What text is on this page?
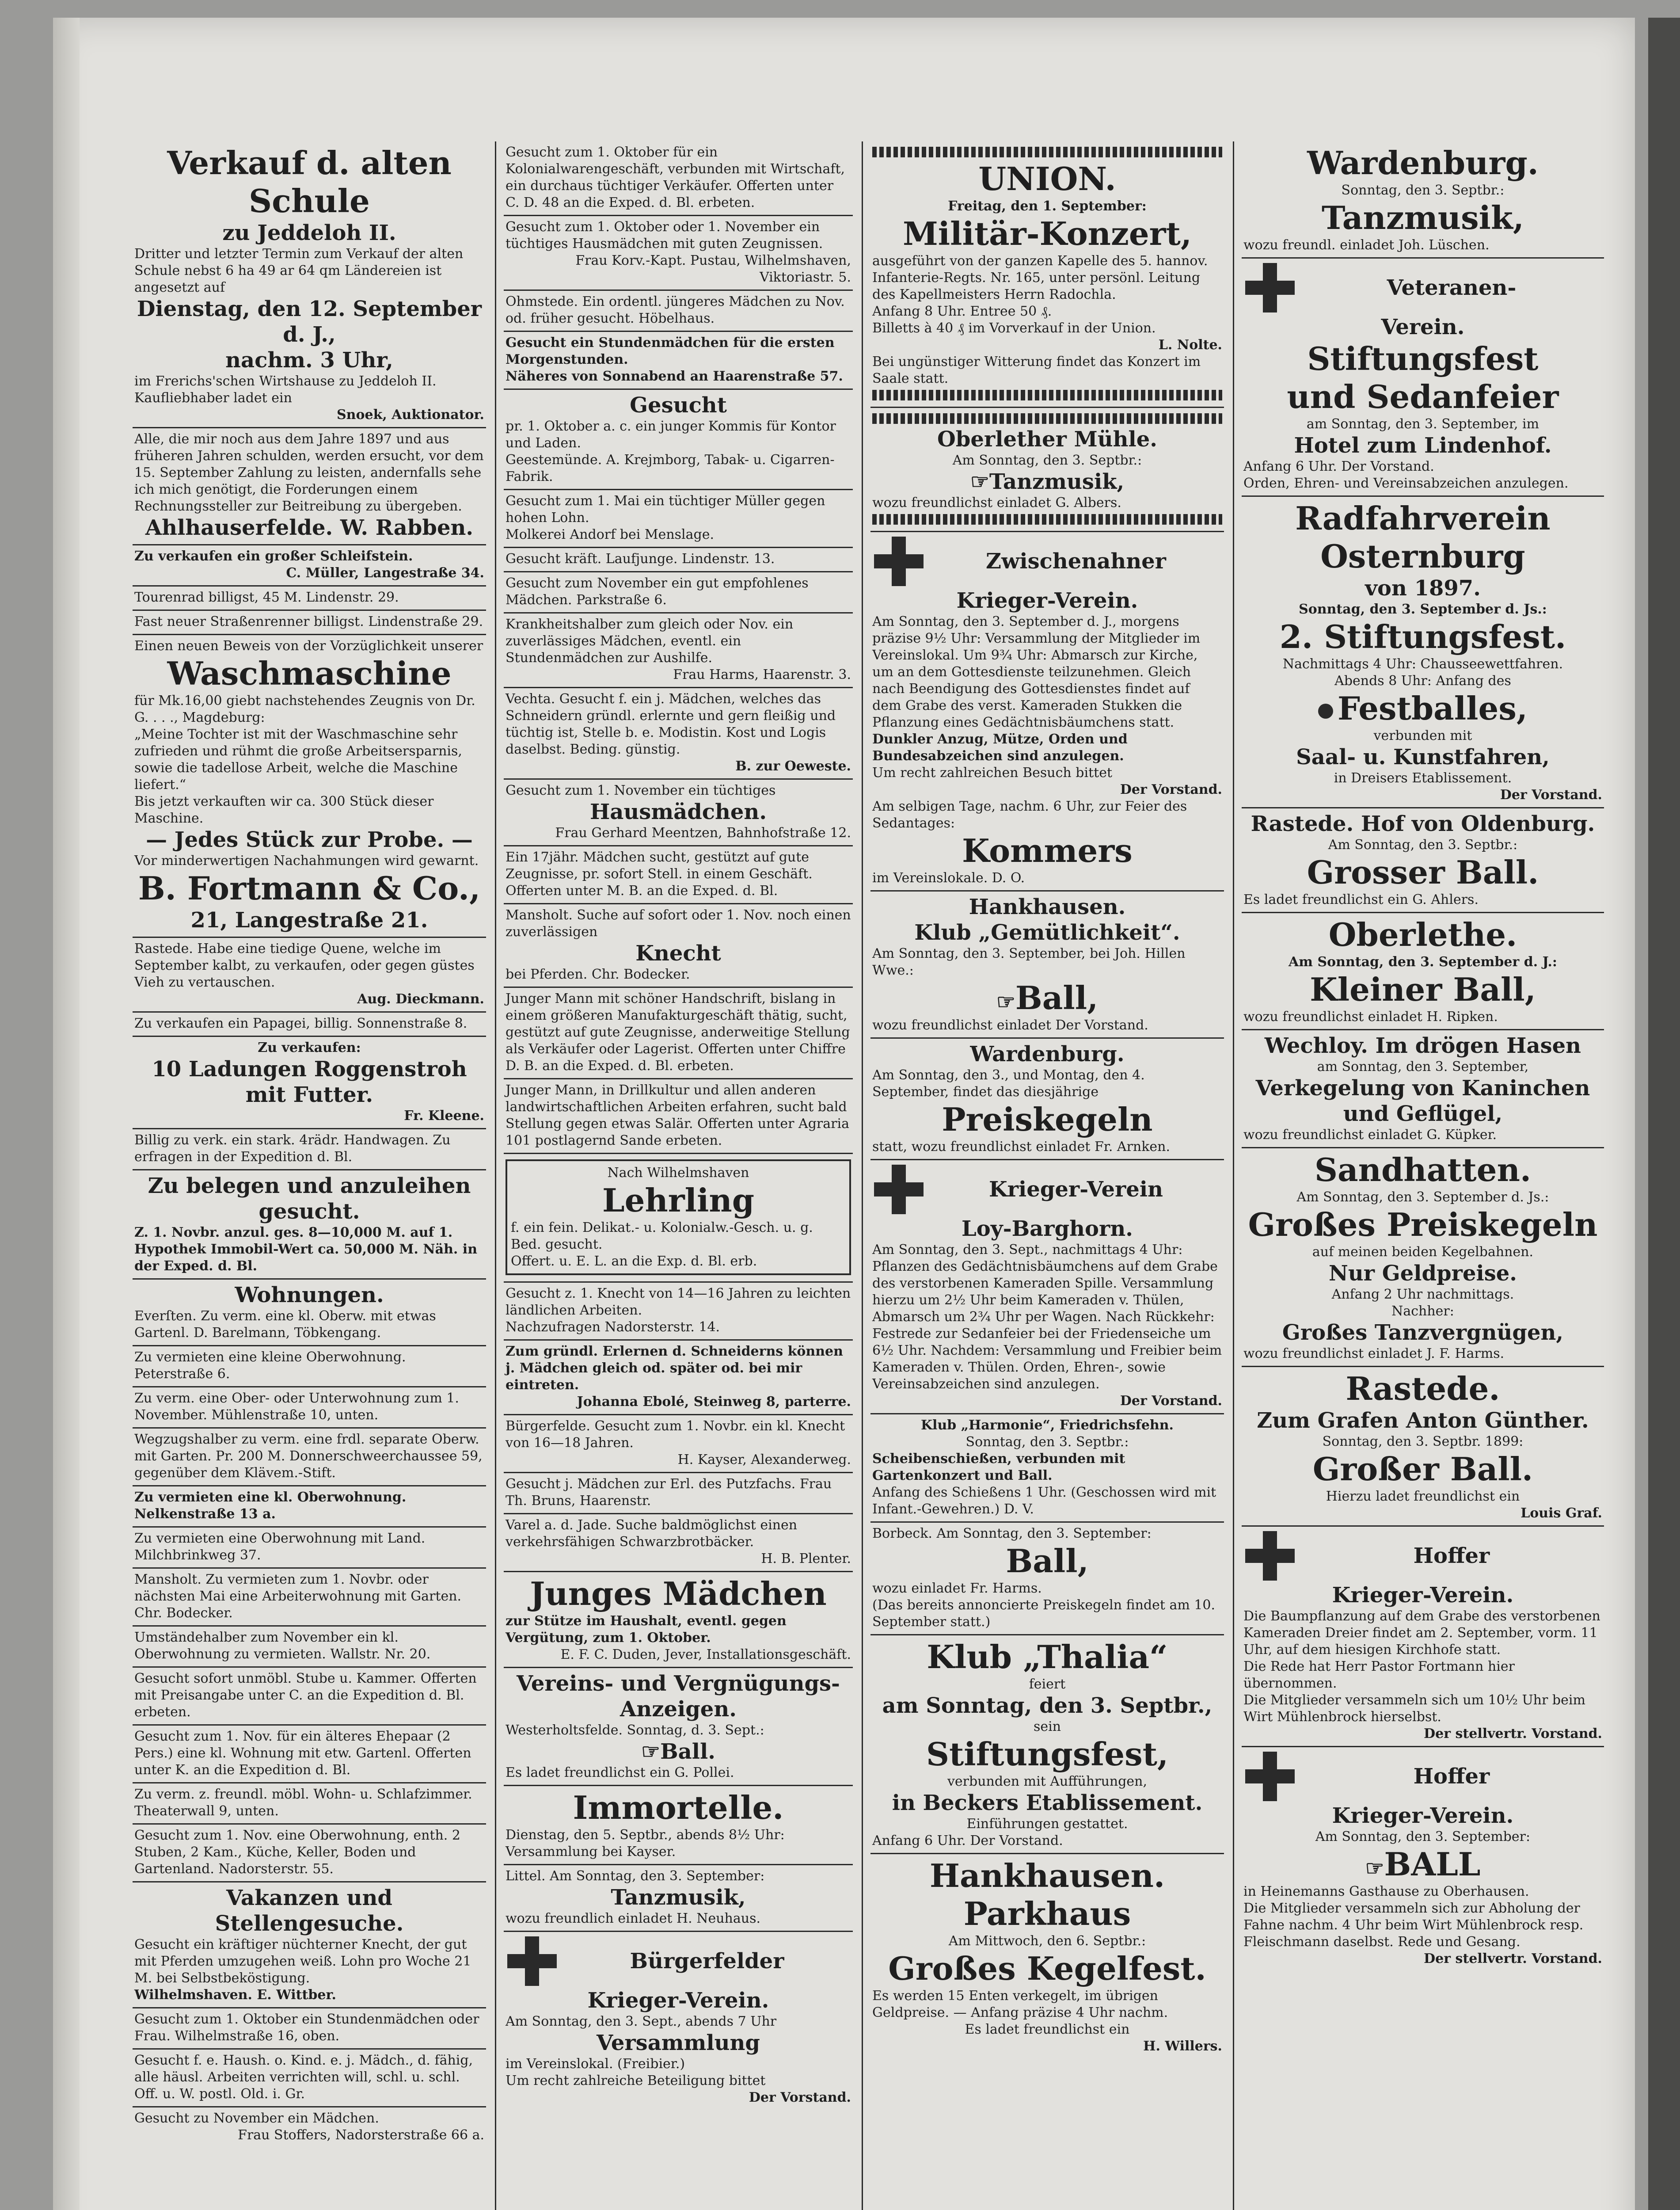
Verkauf d. alten Schule
zu Jeddeloh II.
Dritter und letzter Termin zum Verkauf der alten Schule nebst 6 ha 49 ar 64 qm Ländereien ist angesetzt auf
Dienstag, den 12. September d. J.,
nachm. 3 Uhr,
im Frerichs'schen Wirtshause zu Jeddeloh II. Kaufliebhaber ladet ein
Snoek, Auktionator.
Alle, die mir noch aus dem Jahre 1897 und aus früheren Jahren schulden, werden ersucht, vor dem 15. September Zahlung zu leisten, andernfalls sehe ich mich genötigt, die Forderungen einem Rechnungssteller zur Beitreibung zu übergeben.
Ahlhauserfelde. W. Rabben.
Zu verkaufen ein großer Schleifstein.
C. Müller, Langestraße 34.
Tourenrad billigst, 45 M. Lindenstr. 29.
Fast neuer Straßenrenner billigst. Lindenstraße 29.
Einen neuen Beweis von der Vorzüglichkeit unserer
Waschmaschine
für Mk.16,00 giebt nachstehendes Zeugnis von Dr. G. . . ., Magdeburg:
„Meine Tochter ist mit der Waschmaschine sehr zufrieden und rühmt die große Arbeitsersparnis, sowie die tadellose Arbeit, welche die Maschine liefert.“
Bis jetzt verkauften wir ca. 300 Stück dieser Maschine.
— Jedes Stück zur Probe. —
Vor minderwertigen Nachahmungen wird gewarnt.
B. Fortmann & Co.,
21, Langestraße 21.
Rastede. Habe eine tiedige Quene, welche im September kalbt, zu verkaufen, oder gegen güstes Vieh zu vertauschen.
Aug. Dieckmann.
Zu verkaufen ein Papagei, billig. Sonnenstraße 8.
Zu verkaufen:
10 Ladungen Roggenstroh
mit Futter.
Fr. Kleene.
Billig zu verk. ein stark. 4rädr. Handwagen. Zu erfragen in der Expedition d. Bl.
Zu belegen und anzuleihen gesucht.
Z. 1. Novbr. anzul. ges. 8—10,000 M. auf 1. Hypothek Immobil-Wert ca. 50,000 M. Näh. in der Exped. d. Bl.
Wohnungen.
Everſten. Zu verm. eine kl. Oberw. mit etwas Gartenl. D. Barelmann, Töbkengang.
Zu vermieten eine kleine Oberwohnung. Peterstraße 6.
Zu verm. eine Ober- oder Unterwohnung zum 1. November. Mühlenstraße 10, unten.
Wegzugshalber zu verm. eine frdl. separate Oberw. mit Garten. Pr. 200 M. Donnerschweerchaussee 59, gegenüber dem Klävem.-Stift.
Zu vermieten eine kl. Oberwohnung. Nelkenstraße 13 a.
Zu vermieten eine Oberwohnung mit Land. Milchbrinkweg 37.
Mansholt. Zu vermieten zum 1. Novbr. oder nächsten Mai eine Arbeiterwohnung mit Garten. Chr. Bodecker.
Umständehalber zum November ein kl. Oberwohnung zu vermieten. Wallstr. Nr. 20.
Gesucht sofort unmöbl. Stube u. Kammer. Offerten mit Preisangabe unter C. an die Expedition d. Bl. erbeten.
Gesucht zum 1. Nov. für ein älteres Ehepaar (2 Pers.) eine kl. Wohnung mit etw. Gartenl. Offerten unter K. an die Expedition d. Bl.
Zu verm. z. freundl. möbl. Wohn- u. Schlafzimmer. Theaterwall 9, unten.
Gesucht zum 1. Nov. eine Oberwohnung, enth. 2 Stuben, 2 Kam., Küche, Keller, Boden und Gartenland. Nadorsterstr. 55.
Vakanzen und Stellengesuche.
Gesucht ein kräftiger nüchterner Knecht, der gut mit Pferden umzugehen weiß. Lohn pro Woche 21 M. bei Selbstbeköstigung.
Wilhelmshaven. E. Wittber.
Gesucht zum 1. Oktober ein Stundenmädchen oder Frau. Wilhelmstraße 16, oben.
Gesucht f. e. Haush. o. Kind. e. j. Mädch., d. fähig, alle häusl. Arbeiten verrichten will, schl. u. schl. Off. u. W. postl. Old. i. Gr.
Gesucht zu November ein Mädchen.
Frau Stoffers, Nadorsterstraße 66 a.
Gesucht zum 1. Oktober für ein Kolonialwarengeschäft, verbunden mit Wirtschaft, ein durchaus tüchtiger Verkäufer. Offerten unter C. D. 48 an die Exped. d. Bl. erbeten.
Gesucht zum 1. Oktober oder 1. November ein tüchtiges Hausmädchen mit guten Zeugnissen.
Frau Korv.-Kapt. Pustau, Wilhelmshaven, Viktoriastr. 5.
Ohmstede. Ein ordentl. jüngeres Mädchen zu Nov. od. früher gesucht. Höbelhaus.
Gesucht ein Stundenmädchen für die ersten Morgenstunden.
Näheres von Sonnabend an Haarenstraße 57.
Gesucht
pr. 1. Oktober a. c. ein junger Kommis für Kontor und Laden.
Geestemünde. A. Krejmborg, Tabak- u. Cigarren-Fabrik.
Gesucht zum 1. Mai ein tüchtiger Müller gegen hohen Lohn.
Molkerei Andorf bei Menslage.
Gesucht kräft. Laufjunge. Lindenstr. 13.
Gesucht zum November ein gut empfohlenes Mädchen. Parkstraße 6.
Krankheitshalber zum gleich oder Nov. ein zuverlässiges Mädchen, eventl. ein Stundenmädchen zur Aushilfe.
Frau Harms, Haarenstr. 3.
Vechta. Gesucht f. ein j. Mädchen, welches das Schneidern gründl. erlernte und gern fleißig und tüchtig ist, Stelle b. e. Modistin. Kost und Logis daselbst. Beding. günstig.
B. zur Oeweste.
Gesucht zum 1. November ein tüchtiges
Hausmädchen.
Frau Gerhard Meentzen, Bahnhofstraße 12.
Ein 17jähr. Mädchen sucht, gestützt auf gute Zeugnisse, pr. sofort Stell. in einem Geschäft. Offerten unter M. B. an die Exped. d. Bl.
Mansholt. Suche auf sofort oder 1. Nov. noch einen zuverlässigen
Knecht
bei Pferden. Chr. Bodecker.
Junger Mann mit schöner Handschrift, bislang in einem größeren Manufakturgeschäft thätig, sucht, gestützt auf gute Zeugnisse, anderweitige Stellung als Verkäufer oder Lagerist. Offerten unter Chiffre D. B. an die Exped. d. Bl. erbeten.
Junger Mann, in Drillkultur und allen anderen landwirtschaftlichen Arbeiten erfahren, sucht bald Stellung gegen etwas Salär. Offerten unter Agraria 101 postlagernd Sande erbeten.
Nach Wilhelmshaven
Lehrling
f. ein fein. Delikat.- u. Kolonialw.-Gesch. u. g. Bed. gesucht.
Offert. u. E. L. an die Exp. d. Bl. erb.
Gesucht z. 1. Knecht von 14—16 Jahren zu leichten ländlichen Arbeiten.
Nachzufragen Nadorsterstr. 14.
Zum gründl. Erlernen d. Schneiderns können j. Mädchen gleich od. später od. bei mir eintreten.
Johanna Ebolé, Steinweg 8, parterre.
Bürgerfelde. Gesucht zum 1. Novbr. ein kl. Knecht von 16—18 Jahren.
H. Kayser, Alexanderweg.
Gesucht j. Mädchen zur Erl. des Putzfachs. Frau Th. Bruns, Haarenstr.
Varel a. d. Jade. Suche baldmöglichst einen verkehrsfähigen Schwarzbrotbäcker.
H. B. Plenter.
Junges Mädchen
zur Stütze im Haushalt, eventl. gegen Vergütung, zum 1. Oktober.
E. F. C. Duden, Jever, Installationsgeschäft.
Vereins- und Vergnügungs-Anzeigen.
Westerholtsfelde. Sonntag, d. 3. Sept.:
☞Ball.
Es ladet freundlichst ein G. Pollei.
Immortelle.
Dienstag, den 5. Septbr., abends 8½ Uhr: Versammlung bei Kayser.
Littel. Am Sonntag, den 3. September:
Tanzmusik,
wozu freundlich einladet H. Neuhaus.
Bürgerfelder
Krieger-Verein.
Am Sonntag, den 3. Sept., abends 7 Uhr
Versammlung
im Vereinslokal. (Freibier.)
Um recht zahlreiche Beteiligung bittet
Der Vorstand.
UNION.
Freitag, den 1. September:
Militär-Konzert,
ausgeführt von der ganzen Kapelle des 5. hannov. Infanterie-Regts. Nr. 165, unter persönl. Leitung des Kapellmeisters Herrn Radochla.
Anfang 8 Uhr. Entree 50 ₰.
Billetts à 40 ₰ im Vorverkauf in der Union.
L. Nolte.
Bei ungünstiger Witterung findet das Konzert im Saale statt.
Oberlether Mühle.
Am Sonntag, den 3. Septbr.:
☞Tanzmusik,
wozu freundlichst einladet G. Albers.
Zwischenahner
Krieger-Verein.
Am Sonntag, den 3. September d. J., morgens präzise 9½ Uhr: Versammlung der Mitglieder im Vereinslokal. Um 9¾ Uhr: Abmarsch zur Kirche, um an dem Gottesdienste teilzunehmen. Gleich nach Beendigung des Gottesdienstes findet auf dem Grabe des verst. Kameraden Stukken die Pflanzung eines Gedächtnisbäumchens statt.
Dunkler Anzug, Mütze, Orden und Bundesabzeichen sind anzulegen.
Um recht zahlreichen Besuch bittet
Der Vorstand.
Am selbigen Tage, nachm. 6 Uhr, zur Feier des Sedantages:
Kommers
im Vereinslokale. D. O.
Hankhausen.
Klub „Gemütlichkeit“.
Am Sonntag, den 3. September, bei Joh. Hillen Wwe.:
☞Ball,
wozu freundlichst einladet Der Vorstand.
Wardenburg.
Am Sonntag, den 3., und Montag, den 4. September, findet das diesjährige
Preiskegeln
statt, wozu freundlichst einladet Fr. Arnken.
Krieger-Verein
Loy-Barghorn.
Am Sonntag, den 3. Sept., nachmittags 4 Uhr: Pflanzen des Gedächtnisbäumchens auf dem Grabe des verstorbenen Kameraden Spille. Versammlung hierzu um 2½ Uhr beim Kameraden v. Thülen, Abmarsch um 2¾ Uhr per Wagen. Nach Rückkehr: Festrede zur Sedanfeier bei der Friedenseiche um 6½ Uhr. Nachdem: Versammlung und Freibier beim Kameraden v. Thülen. Orden, Ehren-, sowie Vereinsabzeichen sind anzulegen.
Der Vorstand.
Klub „Harmonie“, Friedrichsfehn.
Sonntag, den 3. Septbr.:
Scheibenschießen, verbunden mit Gartenkonzert und Ball.
Anfang des Schießens 1 Uhr. (Geschossen wird mit Infant.-Gewehren.) D. V.
Borbeck. Am Sonntag, den 3. September:
Ball,
wozu einladet Fr. Harms.
(Das bereits annoncierte Preiskegeln findet am 10. September statt.)
Klub „Thalia“
feiert
am Sonntag, den 3. Septbr.,
sein
Stiftungsfest,
verbunden mit Aufführungen,
in Beckers Etablissement.
Einführungen gestattet.
Anfang 6 Uhr. Der Vorstand.
Hankhausen. Parkhaus
Am Mittwoch, den 6. Septbr.:
Großes Kegelfest.
Es werden 15 Enten verkegelt, im übrigen Geldpreise. — Anfang präzise 4 Uhr nachm.
Es ladet freundlichst ein
H. Willers.
Wardenburg.
Sonntag, den 3. Septbr.:
Tanzmusik,
wozu freundl. einladet Joh. Lüschen.
Veteranen-
Verein.
Stiftungsfest
und Sedanfeier
am Sonntag, den 3. September, im
Hotel zum Lindenhof.
Anfang 6 Uhr. Der Vorstand.
Orden, Ehren- und Vereinsabzeichen anzulegen.
Radfahrverein
Osternburg
von 1897.
Sonntag, den 3. September d. Js.:
2. Stiftungsfest.
Nachmittags 4 Uhr: Chausseewettfahren.
Abends 8 Uhr: Anfang des
Festballes,
verbunden mit
Saal- u. Kunstfahren,
in Dreisers Etablissement.
Der Vorstand.
Rastede. Hof von Oldenburg.
Am Sonntag, den 3. Septbr.:
Grosser Ball.
Es ladet freundlichst ein G. Ahlers.
Oberlethe.
Am Sonntag, den 3. September d. J.:
Kleiner Ball,
wozu freundlichst einladet H. Ripken.
Wechloy. Im drögen Hasen
am Sonntag, den 3. September,
Verkegelung von Kaninchen
und Geflügel,
wozu freundlichst einladet G. Küpker.
Sandhatten.
Am Sonntag, den 3. September d. Js.:
Großes Preiskegeln
auf meinen beiden Kegelbahnen.
Nur Geldpreise.
Anfang 2 Uhr nachmittags.
Nachher:
Großes Tanzvergnügen,
wozu freundlichst einladet J. F. Harms.
Rastede.
Zum Grafen Anton Günther.
Sonntag, den 3. Septbr. 1899:
Großer Ball.
Hierzu ladet freundlichst ein
Louis Graf.
Hoffer
Krieger-Verein.
Die Baumpflanzung auf dem Grabe des verstorbenen Kameraden Dreier findet am 2. September, vorm. 11 Uhr, auf dem hiesigen Kirchhofe statt.
Die Rede hat Herr Pastor Fortmann hier übernommen.
Die Mitglieder versammeln sich um 10½ Uhr beim Wirt Mühlenbrock hierselbst.
Der stellvertr. Vorstand.
Hoffer
Krieger-Verein.
Am Sonntag, den 3. September:
☞BALL
in Heinemanns Gasthause zu Oberhausen.
Die Mitglieder versammeln sich zur Abholung der Fahne nachm. 4 Uhr beim Wirt Mühlenbrock resp. Fleischmann daselbst. Rede und Gesang.
Der stellvertr. Vorstand.
